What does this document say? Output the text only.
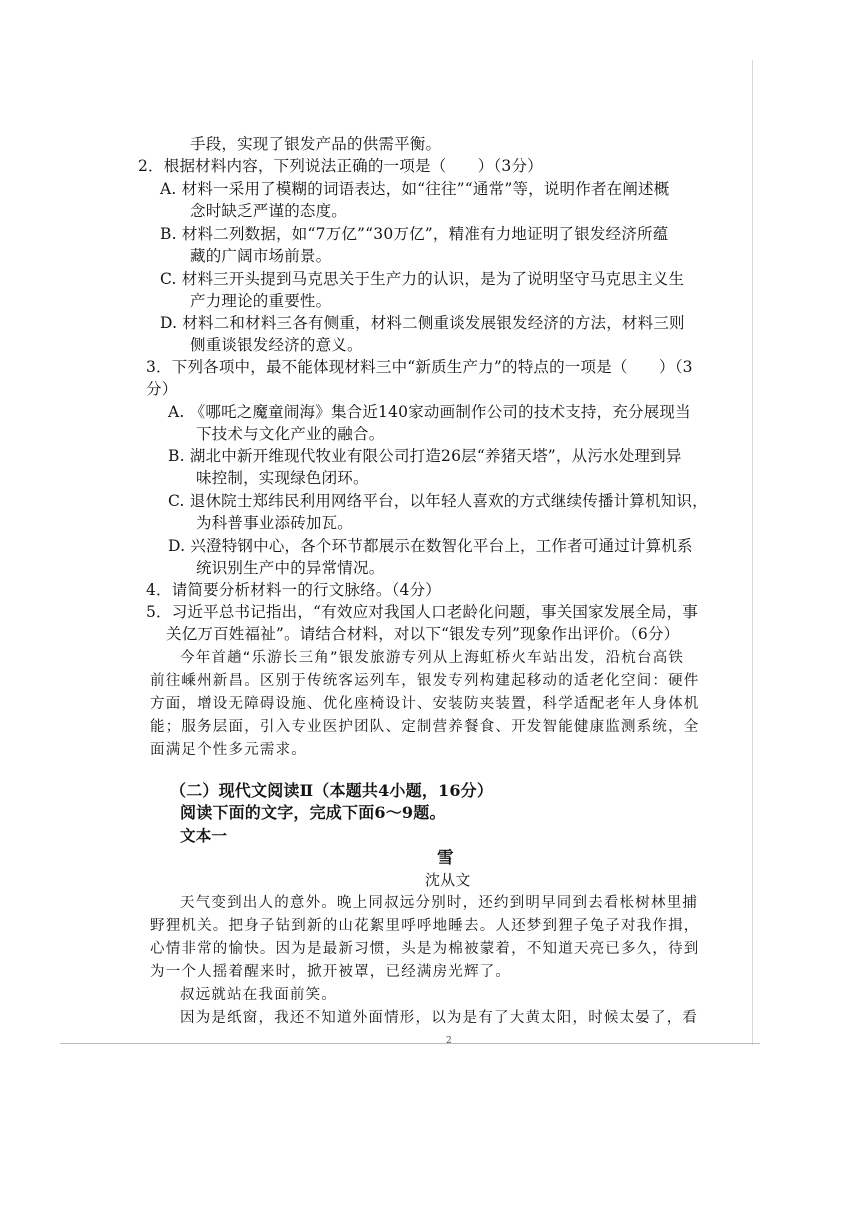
手段，实现了银发产品的供需平衡。
2．根据材料内容，下列说法正确的一项是（　　）（3分）
A. 材料一采用了模糊的词语表达，如“往往”“通常”等，说明作者在阐述概
念时缺乏严谨的态度。
B. 材料二列数据，如“7万亿”“30万亿”，精准有力地证明了银发经济所蕴
藏的广阔市场前景。
C. 材料三开头提到马克思关于生产力的认识，是为了说明坚守马克思主义生
产力理论的重要性。
D. 材料二和材料三各有侧重，材料二侧重谈发展银发经济的方法，材料三则
侧重谈银发经济的意义。
3．下列各项中，最不能体现材料三中“新质生产力”的特点的一项是（　　）（3
分）
A. 《哪吒之魔童闹海》集合近140家动画制作公司的技术支持，充分展现当
下技术与文化产业的融合。
B. 湖北中新开维现代牧业有限公司打造26层“养猪天塔”，从污水处理到异
味控制，实现绿色闭环。
C. 退休院士郑纬民利用网络平台，以年轻人喜欢的方式继续传播计算机知识，
为科普事业添砖加瓦。
D. 兴澄特钢中心，各个环节都展示在数智化平台上，工作者可通过计算机系
统识别生产中的异常情况。
4．请简要分析材料一的行文脉络。（4分）
5．习近平总书记指出，“有效应对我国人口老龄化问题，事关国家发展全局，事
关亿万百姓福祉”。请结合材料，对以下“银发专列”现象作出评价。（6分）
今年首趟“乐游长三角”银发旅游专列从上海虹桥火车站出发，沿杭台高铁
前往嵊州新昌。区别于传统客运列车，银发专列构建起移动的适老化空间：硬件
方面，增设无障碍设施、优化座椅设计、安装防夹装置，科学适配老年人身体机
能；服务层面，引入专业医护团队、定制营养餐食、开发智能健康监测系统，全
面满足个性多元需求。
（二）现代文阅读Ⅱ（本题共4小题，16分）
阅读下面的文字，完成下面6～9题。
文本一
雪
沈从文
天气变到出人的意外。晚上同叔远分别时，还约到明早同到去看枨树林里捕
野狸机关。把身子钻到新的山花絮里呼呼地睡去。人还梦到狸子兔子对我作揖，
心情非常的愉快。因为是最新习惯，头是为棉被蒙着，不知道天亮已多久，待到
为一个人摇着醒来时，掀开被罩，已经满房光辉了。
叔远就站在我面前笑。
因为是纸窗，我还不知道外面情形，以为是有了大黄太阳，时候太晏了，看
2
